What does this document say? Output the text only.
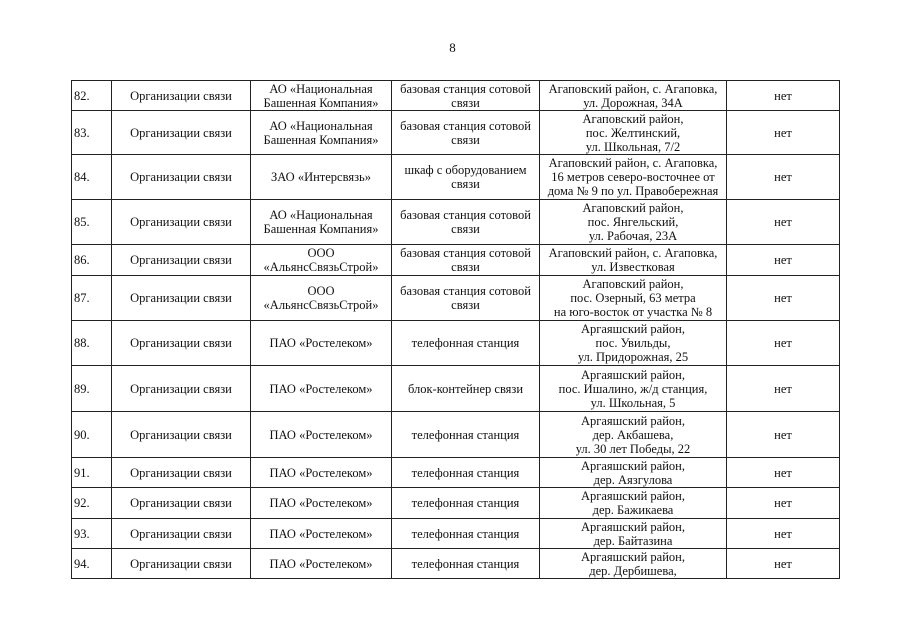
8
82.	Организации связи	АО «Национальная Башенная Компания»	базовая станция сотовой связи	Агаповский район, с. Агаповка,
ул. Дорожная, 34А	нет
83.	Организации связи	АО «Национальная Башенная Компания»	базовая станция сотовой связи	Агаповский район,
пос. Желтинский,
ул. Школьная, 7/2	нет
84.	Организации связи	ЗАО «Интерсвязь»	шкаф с оборудованием связи	Агаповский район, с. Агаповка,
16 метров северо-восточнее от
дома № 9 по ул. Правобережная	нет
85.	Организации связи	АО «Национальная Башенная Компания»	базовая станция сотовой связи	Агаповский район,
пос. Янгельский,
ул. Рабочая, 23А	нет
86.	Организации связи	ООО «АльянсСвязьСтрой»	базовая станция сотовой связи	Агаповский район, с. Агаповка,
ул. Известковая	нет
87.	Организации связи	ООО «АльянсСвязьСтрой»	базовая станция сотовой связи	Агаповский район,
пос. Озерный, 63 метра
на юго-восток от участка № 8	нет
88.	Организации связи	ПАО «Ростелеком»	телефонная станция	Аргаяшский район,
пос. Увильды,
ул. Придорожная, 25	нет
89.	Организации связи	ПАО «Ростелеком»	блок-контейнер связи	Аргаяшский район,
пос. Ишалино, ж/д станция,
ул. Школьная, 5	нет
90.	Организации связи	ПАО «Ростелеком»	телефонная станция	Аргаяшский район,
дер. Акбашева,
ул. 30 лет Победы, 22	нет
91.	Организации связи	ПАО «Ростелеком»	телефонная станция	Аргаяшский район,
дер. Аязгулова	нет
92.	Организации связи	ПАО «Ростелеком»	телефонная станция	Аргаяшский район,
дер. Бажикаева	нет
93.	Организации связи	ПАО «Ростелеком»	телефонная станция	Аргаяшский район,
дер. Байтазина	нет
94.	Организации связи	ПАО «Ростелеком»	телефонная станция	Аргаяшский район,
дер. Дербишева,	нет
